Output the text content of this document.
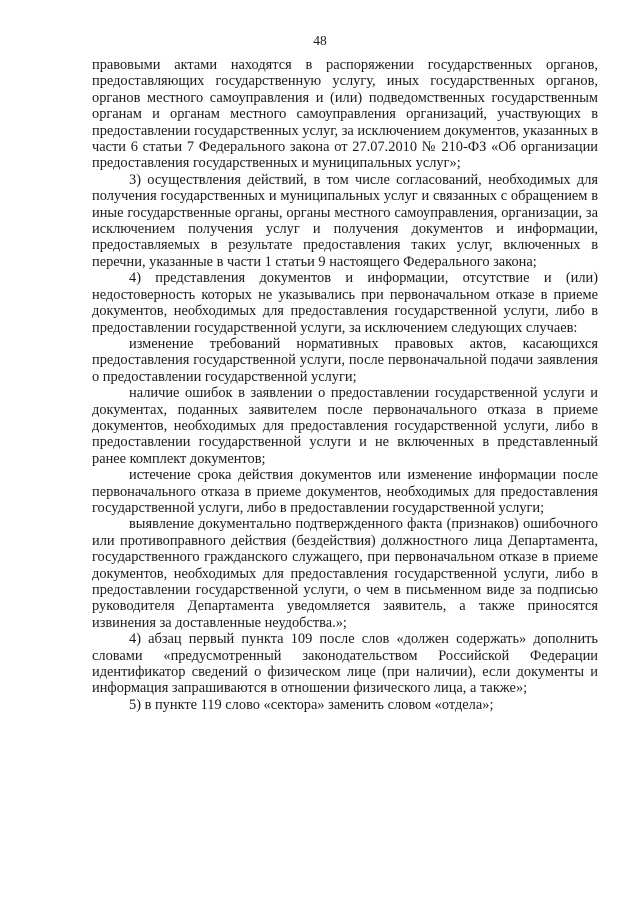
48

правовыми актами находятся в распоряжении государственных органов, предоставляющих государственную услугу, иных государственных органов, органов местного самоуправления и (или) подведомственных государственным органам и органам местного самоуправления организаций, участвующих в предоставлении государственных услуг, за исключением документов, указанных в части 6 статьи 7 Федерального закона от 27.07.2010 № 210-ФЗ «Об организации предоставления государственных и муниципальных услуг»;

3) осуществления действий, в том числе согласований, необходимых для получения государственных и муниципальных услуг и связанных с обращением в иные государственные органы, органы местного самоуправления, организации, за исключением получения услуг и получения документов и информации, предоставляемых в результате предоставления таких услуг, включенных в перечни, указанные в части 1 статьи 9 настоящего Федерального закона;

4) представления документов и информации, отсутствие и (или) недостоверность которых не указывались при первоначальном отказе в приеме документов, необходимых для предоставления государственной услуги, либо в предоставлении государственной услуги, за исключением следующих случаев:

изменение требований нормативных правовых актов, касающихся предоставления государственной услуги, после первоначальной подачи заявления о предоставлении государственной услуги;

наличие ошибок в заявлении о предоставлении государственной услуги и документах, поданных заявителем после первоначального отказа в приеме документов, необходимых для предоставления государственной услуги, либо в предоставлении государственной услуги и не включенных в представленный ранее комплект документов;

истечение срока действия документов или изменение информации после первоначального отказа в приеме документов, необходимых для предоставления государственной услуги, либо в предоставлении государственной услуги;

выявление документально подтвержденного факта (признаков) ошибочного или противоправного действия (бездействия) должностного лица Департамента, государственного гражданского служащего, при первоначальном отказе в приеме документов, необходимых для предоставления государственной услуги, либо в предоставлении государственной услуги, о чем в письменном виде за подписью руководителя Департамента уведомляется заявитель, а также приносятся извинения за доставленные неудобства.»;

4) абзац первый пункта 109 после слов «должен содержать» дополнить словами «предусмотренный законодательством Российской Федерации идентификатор сведений о физическом лице (при наличии), если документы и информация запрашиваются в отношении физического лица, а также»;

5) в пункте 119 слово «сектора» заменить словом «отдела»;
